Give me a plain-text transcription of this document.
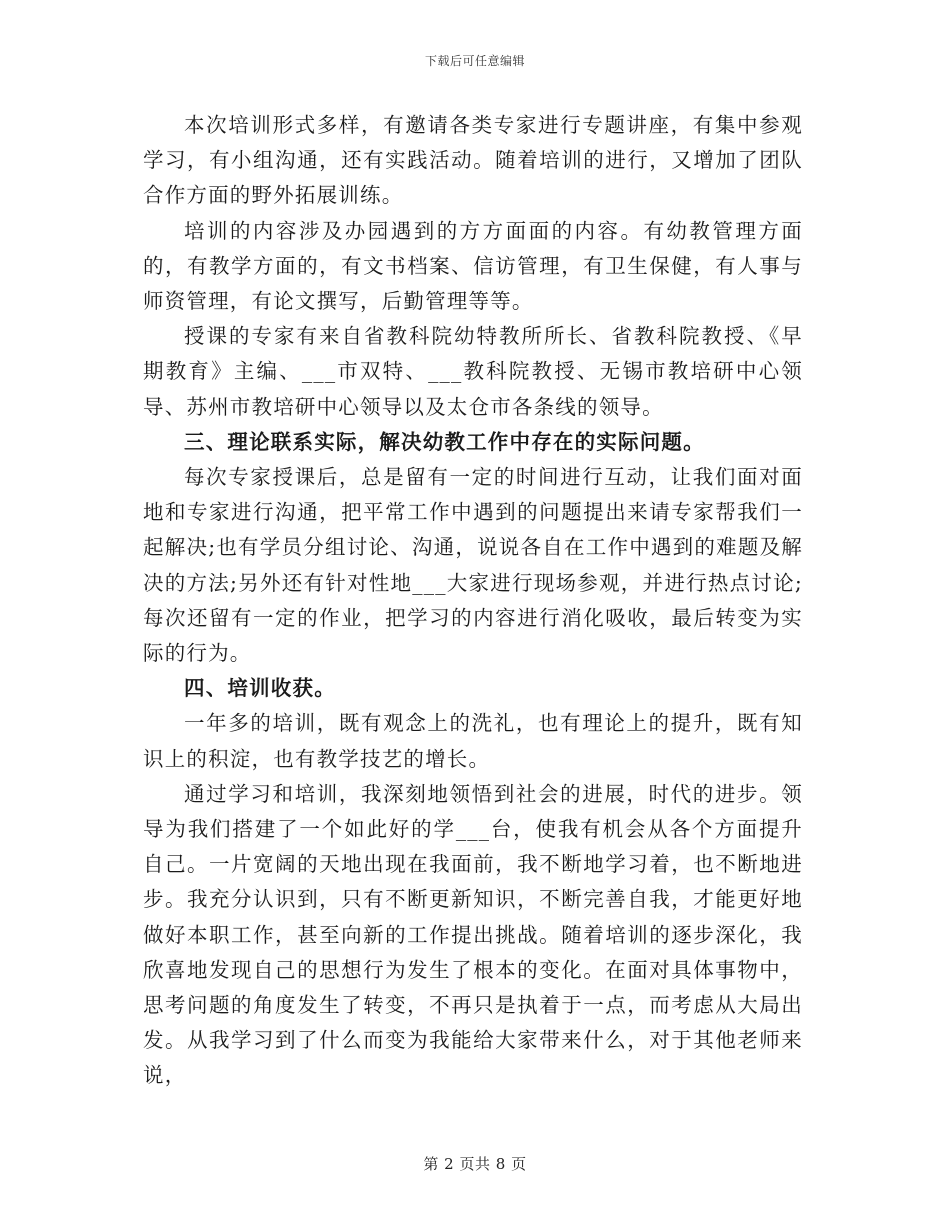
下载后可任意编辑

本次培训形式多样，有邀请各类专家进行专题讲座，有集中参观学习，有小组沟通，还有实践活动。随着培训的进行，又增加了团队合作方面的野外拓展训练。

培训的内容涉及办园遇到的方方面面的内容。有幼教管理方面的，有教学方面的，有文书档案、信访管理，有卫生保健，有人事与师资管理，有论文撰写，后勤管理等等。

授课的专家有来自省教科院幼特教所所长、省教科院教授、《早期教育》主编、___市双特、___教科院教授、无锡市教培研中心领导、苏州市教培研中心领导以及太仓市各条线的领导。

三、理论联系实际，解决幼教工作中存在的实际问题。

每次专家授课后，总是留有一定的时间进行互动，让我们面对面地和专家进行沟通，把平常工作中遇到的问题提出来请专家帮我们一起解决;也有学员分组讨论、沟通，说说各自在工作中遇到的难题及解决的方法;另外还有针对性地___大家进行现场参观，并进行热点讨论;每次还留有一定的作业，把学习的内容进行消化吸收，最后转变为实际的行为。

四、培训收获。

一年多的培训，既有观念上的洗礼，也有理论上的提升，既有知识上的积淀，也有教学技艺的增长。

通过学习和培训，我深刻地领悟到社会的进展，时代的进步。领导为我们搭建了一个如此好的学___台，使我有机会从各个方面提升自己。一片宽阔的天地出现在我面前，我不断地学习着，也不断地进步。我充分认识到，只有不断更新知识，不断完善自我，才能更好地做好本职工作，甚至向新的工作提出挑战。随着培训的逐步深化，我欣喜地发现自己的思想行为发生了根本的变化。在面对具体事物中，思考问题的角度发生了转变，不再只是执着于一点，而考虑从大局出发。从我学习到了什么而变为我能给大家带来什么，对于其他老师来说，

第 2 页共 8 页
